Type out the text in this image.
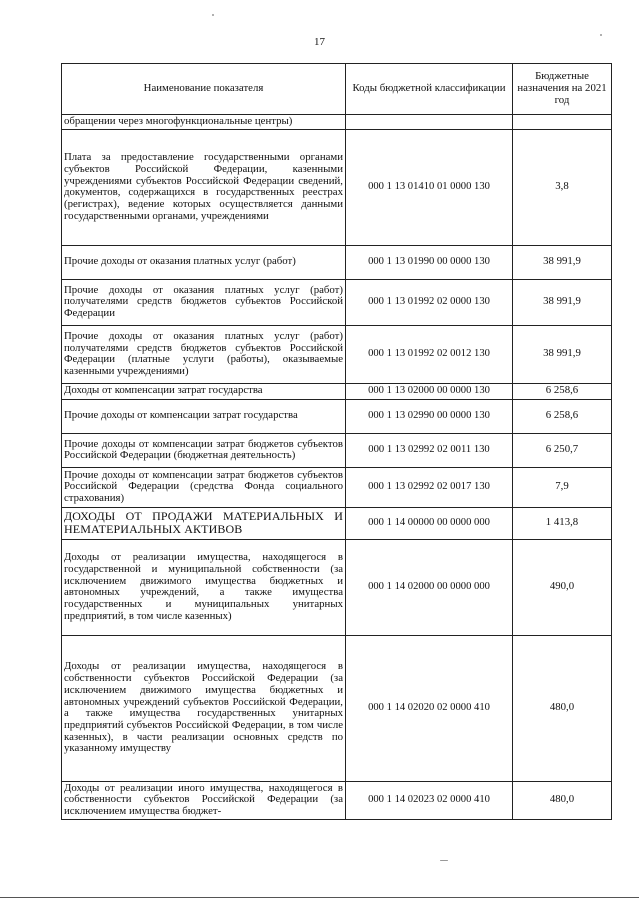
17
Наименование показателя	Коды бюджетной классификации	Бюджетные назначения на 2021 год
обращении через многофункциональные центры)		
Плата за предоставление государственными органами субъектов Российской Федерации, казенными учреждениями субъектов Российской Федерации сведений, документов, содержащихся в государственных реестрах (регистрах), ведение которых осуществляется данными государственными органами, учреждениями	000 1 13 01410 01 0000 130	3,8
Прочие доходы от оказания платных услуг (работ)	000 1 13 01990 00 0000 130	38 991,9
Прочие доходы от оказания платных услуг (работ) получателями средств бюджетов субъектов Российской Федерации	000 1 13 01992 02 0000 130	38 991,9
Прочие доходы от оказания платных услуг (работ) получателями средств бюджетов субъектов Российской Федерации (платные услуги (работы), оказываемые казенными учреждениями)	000 1 13 01992 02 0012 130	38 991,9
Доходы от компенсации затрат государства	000 1 13 02000 00 0000 130	6 258,6
Прочие доходы от компенсации затрат государства	000 1 13 02990 00 0000 130	6 258,6
Прочие доходы от компенсации затрат бюджетов субъектов Российской Федерации (бюджетная деятельность)	000 1 13 02992 02 0011 130	6 250,7
Прочие доходы от компенсации затрат бюджетов субъектов Российской Федерации (средства Фонда социального страхования)	000 1 13 02992 02 0017 130	7,9
ДОХОДЫ ОТ ПРОДАЖИ МАТЕРИАЛЬНЫХ И НЕМАТЕРИАЛЬНЫХ АКТИВОВ	000 1 14 00000 00 0000 000	1 413,8
Доходы от реализации имущества, находящегося в государственной и муниципальной собственности (за исключением движимого имущества бюджетных и автономных учреждений, а также имущества государственных и муниципальных унитарных предприятий, в том числе казенных)	000 1 14 02000 00 0000 000	490,0
Доходы от реализации имущества, находящегося в собственности субъектов Российской Федерации (за исключением движимого имущества бюджетных и автономных учреждений субъектов Российской Федерации, а также имущества государственных унитарных предприятий субъектов Российской Федерации, в том числе казенных), в части реализации основных средств по указанному имуществу	000 1 14 02020 02 0000 410	480,0
Доходы от реализации иного имущества, находящегося в собственности субъектов Российской Федерации (за исключением имущества бюджет-	000 1 14 02023 02 0000 410	480,0
